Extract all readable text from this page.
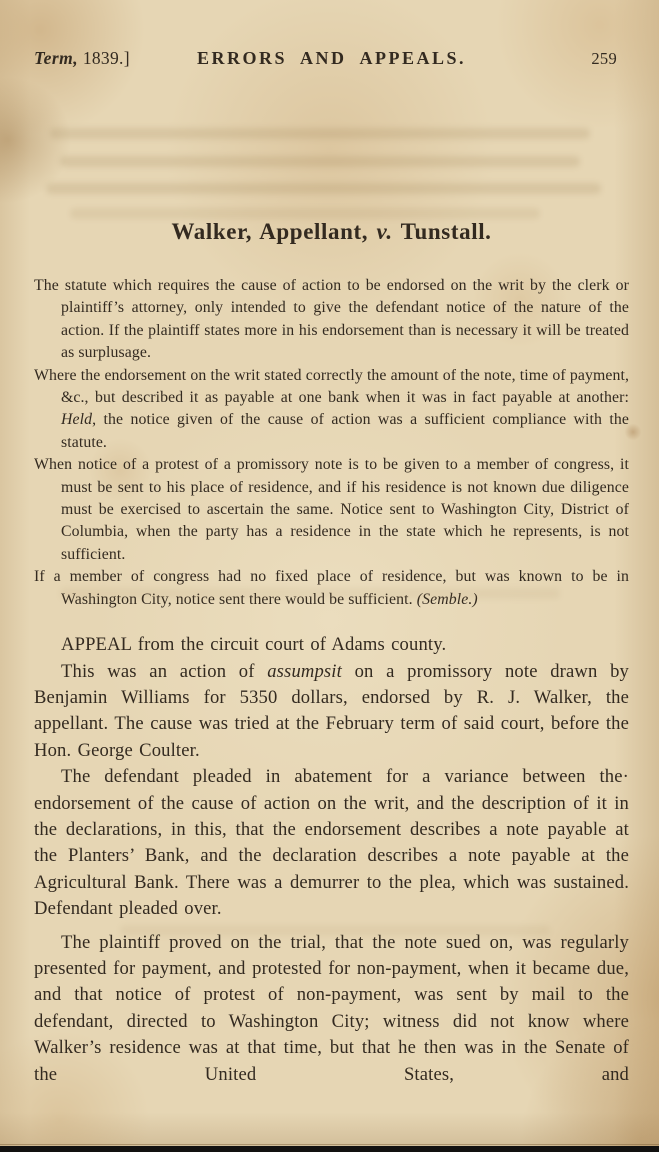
Term, 1839.]	ERRORS AND APPEALS.	259
Walker, Appellant, v. Tunstall.

The statute which requires the cause of action to be endorsed on the writ by the clerk or plaintiff’s attorney, only intended to give the defendant notice of the nature of the action. If the plaintiff states more in his endorsement than is necessary it will be treated as surplusage.

Where the endorsement on the writ stated correctly the amount of the note, time of payment, &c., but described it as payable at one bank when it was in fact payable at another: Held, the notice given of the cause of action was a sufficient compliance with the statute.

When notice of a protest of a promissory note is to be given to a member of congress, it must be sent to his place of residence, and if his residence is not known due diligence must be exercised to ascertain the same. Notice sent to Washington City, District of Columbia, when the party has a residence in the state which he represents, is not sufficient.

If a member of congress had no fixed place of residence, but was known to be in Washington City, notice sent there would be sufficient. (Semble.)

APPEAL from the circuit court of Adams county.

This was an action of assumpsit on a promissory note drawn by Benjamin Williams for 5350 dollars, endorsed by R. J. Walker, the appellant. The cause was tried at the February term of said court, before the Hon. George Coulter.

The defendant pleaded in abatement for a variance between the· endorsement of the cause of action on the writ, and the description of it in the declarations, in this, that the endorsement describes a note payable at the Planters’ Bank, and the declaration describes a note payable at the Agricultural Bank. There was a demurrer to the plea, which was sustained. Defendant pleaded over.

The plaintiff proved on the trial, that the note sued on, was regularly presented for payment, and protested for non-payment, when it became due, and that notice of protest of non-payment, was sent by mail to the defendant, directed to Washington City; witness did not know where Walker’s residence was at that time, but that he then was in the Senate of the United States, and
